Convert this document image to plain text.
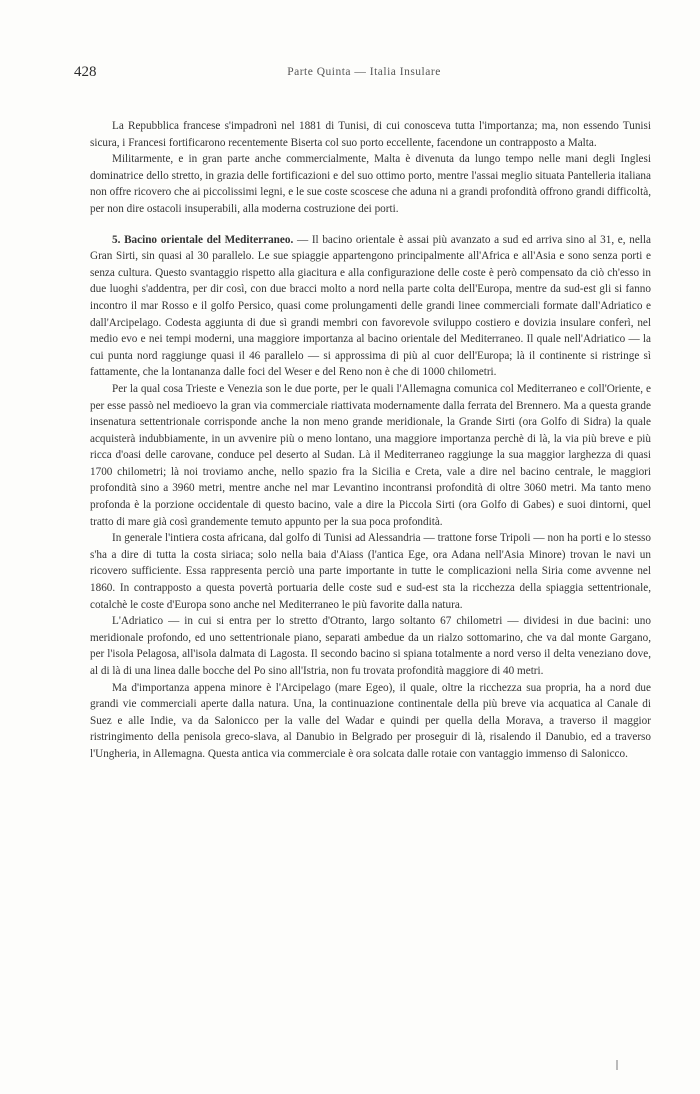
428	Parte Quinta — Italia Insulare

La Repubblica francese s'impadronì nel 1881 di Tunisi, di cui conosceva tutta l'importanza; ma, non essendo Tunisi sicura, i Francesi fortificarono recentemente Biserta col suo porto eccellente, facendone un contrapposto a Malta.

Militarmente, e in gran parte anche commercialmente, Malta è divenuta da lungo tempo nelle mani degli Inglesi dominatrice dello stretto, in grazia delle fortificazioni e del suo ottimo porto, mentre l'assai meglio situata Pantelleria italiana non offre ricovero che ai piccolissimi legni, e le sue coste scoscese che aduna ni a grandi profondità offrono grandi difficoltà, per non dire ostacoli insuperabili, alla moderna costruzione dei porti.

5. Bacino orientale del Mediterraneo. — Il bacino orientale è assai più avanzato a sud ed arriva sino al 31, e, nella Gran Sirti, sin quasi al 30 parallelo. Le sue spiaggie appartengono principalmente all'Africa e all'Asia e sono senza porti e senza cultura. Questo svantaggio rispetto alla giacitura e alla configurazione delle coste è però compensato da ciò ch'esso in due luoghi s'addentra, per dir così, con due bracci molto a nord nella parte colta dell'Europa, mentre da sud-est gli si fanno incontro il mar Rosso e il golfo Persico, quasi come prolungamenti delle grandi linee commerciali formate dall'Adriatico e dall'Arcipelago. Codesta aggiunta di due sì grandi membri con favorevole sviluppo costiero e dovizia insulare conferì, nel medio evo e nei tempi moderni, una maggiore importanza al bacino orientale del Mediterraneo. Il quale nell'Adriatico — la cui punta nord raggiunge quasi il 46 parallelo — si approssima di più al cuor dell'Europa; là il continente si ristringe sì fattamente, che la lontananza dalle foci del Weser e del Reno non è che di 1000 chilometri.

Per la qual cosa Trieste e Venezia son le due porte, per le quali l'Allemagna comunica col Mediterraneo e coll'Oriente, e per esse passò nel medioevo la gran via commerciale riattivata modernamente dalla ferrata del Brennero. Ma a questa grande insenatura settentrionale corrisponde anche la non meno grande meridionale, la Grande Sirti (ora Golfo di Sidra) la quale acquisterà indubbiamente, in un avvenire più o meno lontano, una maggiore importanza perchè di là, la via più breve e più ricca d'oasi delle carovane, conduce pel deserto al Sudan. Là il Mediterraneo raggiunge la sua maggior larghezza di quasi 1700 chilometri; là noi troviamo anche, nello spazio fra la Sicilia e Creta, vale a dire nel bacino centrale, le maggiori profondità sino a 3960 metri, mentre anche nel mar Levantino incontransi profondità di oltre 3060 metri. Ma tanto meno profonda è la porzione occidentale di questo bacino, vale a dire la Piccola Sirti (ora Golfo di Gabes) e suoi dintorni, quel tratto di mare già così grandemente temuto appunto per la sua poca profondità.

In generale l'intiera costa africana, dal golfo di Tunisi ad Alessandria — trattone forse Tripoli — non ha porti e lo stesso s'ha a dire di tutta la costa siriaca; solo nella baia d'Aiass (l'antica Ege, ora Adana nell'Asia Minore) trovan le navi un ricovero sufficiente. Essa rappresenta perciò una parte importante in tutte le complicazioni nella Siria come avvenne nel 1860. In contrapposto a questa povertà portuaria delle coste sud e sud-est sta la ricchezza della spiaggia settentrionale, cotalchè le coste d'Europa sono anche nel Mediterraneo le più favorite dalla natura.

L'Adriatico — in cui si entra per lo stretto d'Otranto, largo soltanto 67 chilometri — dividesi in due bacini: uno meridionale profondo, ed uno settentrionale piano, separati ambedue da un rialzo sottomarino, che va dal monte Gargano, per l'isola Pelagosa, all'isola dalmata di Lagosta. Il secondo bacino si spiana totalmente a nord verso il delta veneziano dove, al di là di una linea dalle bocche del Po sino all'Istria, non fu trovata profondità maggiore di 40 metri.

Ma d'importanza appena minore è l'Arcipelago (mare Egeo), il quale, oltre la ricchezza sua propria, ha a nord due grandi vie commerciali aperte dalla natura. Una, la continuazione continentale della più breve via acquatica al Canale di Suez e alle Indie, va da Salonicco per la valle del Wadar e quindi per quella della Morava, a traverso il maggior ristringimento della penisola greco-slava, al Danubio in Belgrado per proseguir di là, risalendo il Danubio, ed a traverso l'Ungheria, in Allemagna. Questa antica via commerciale è ora solcata dalle rotaie con vantaggio immenso di Salonicco.
